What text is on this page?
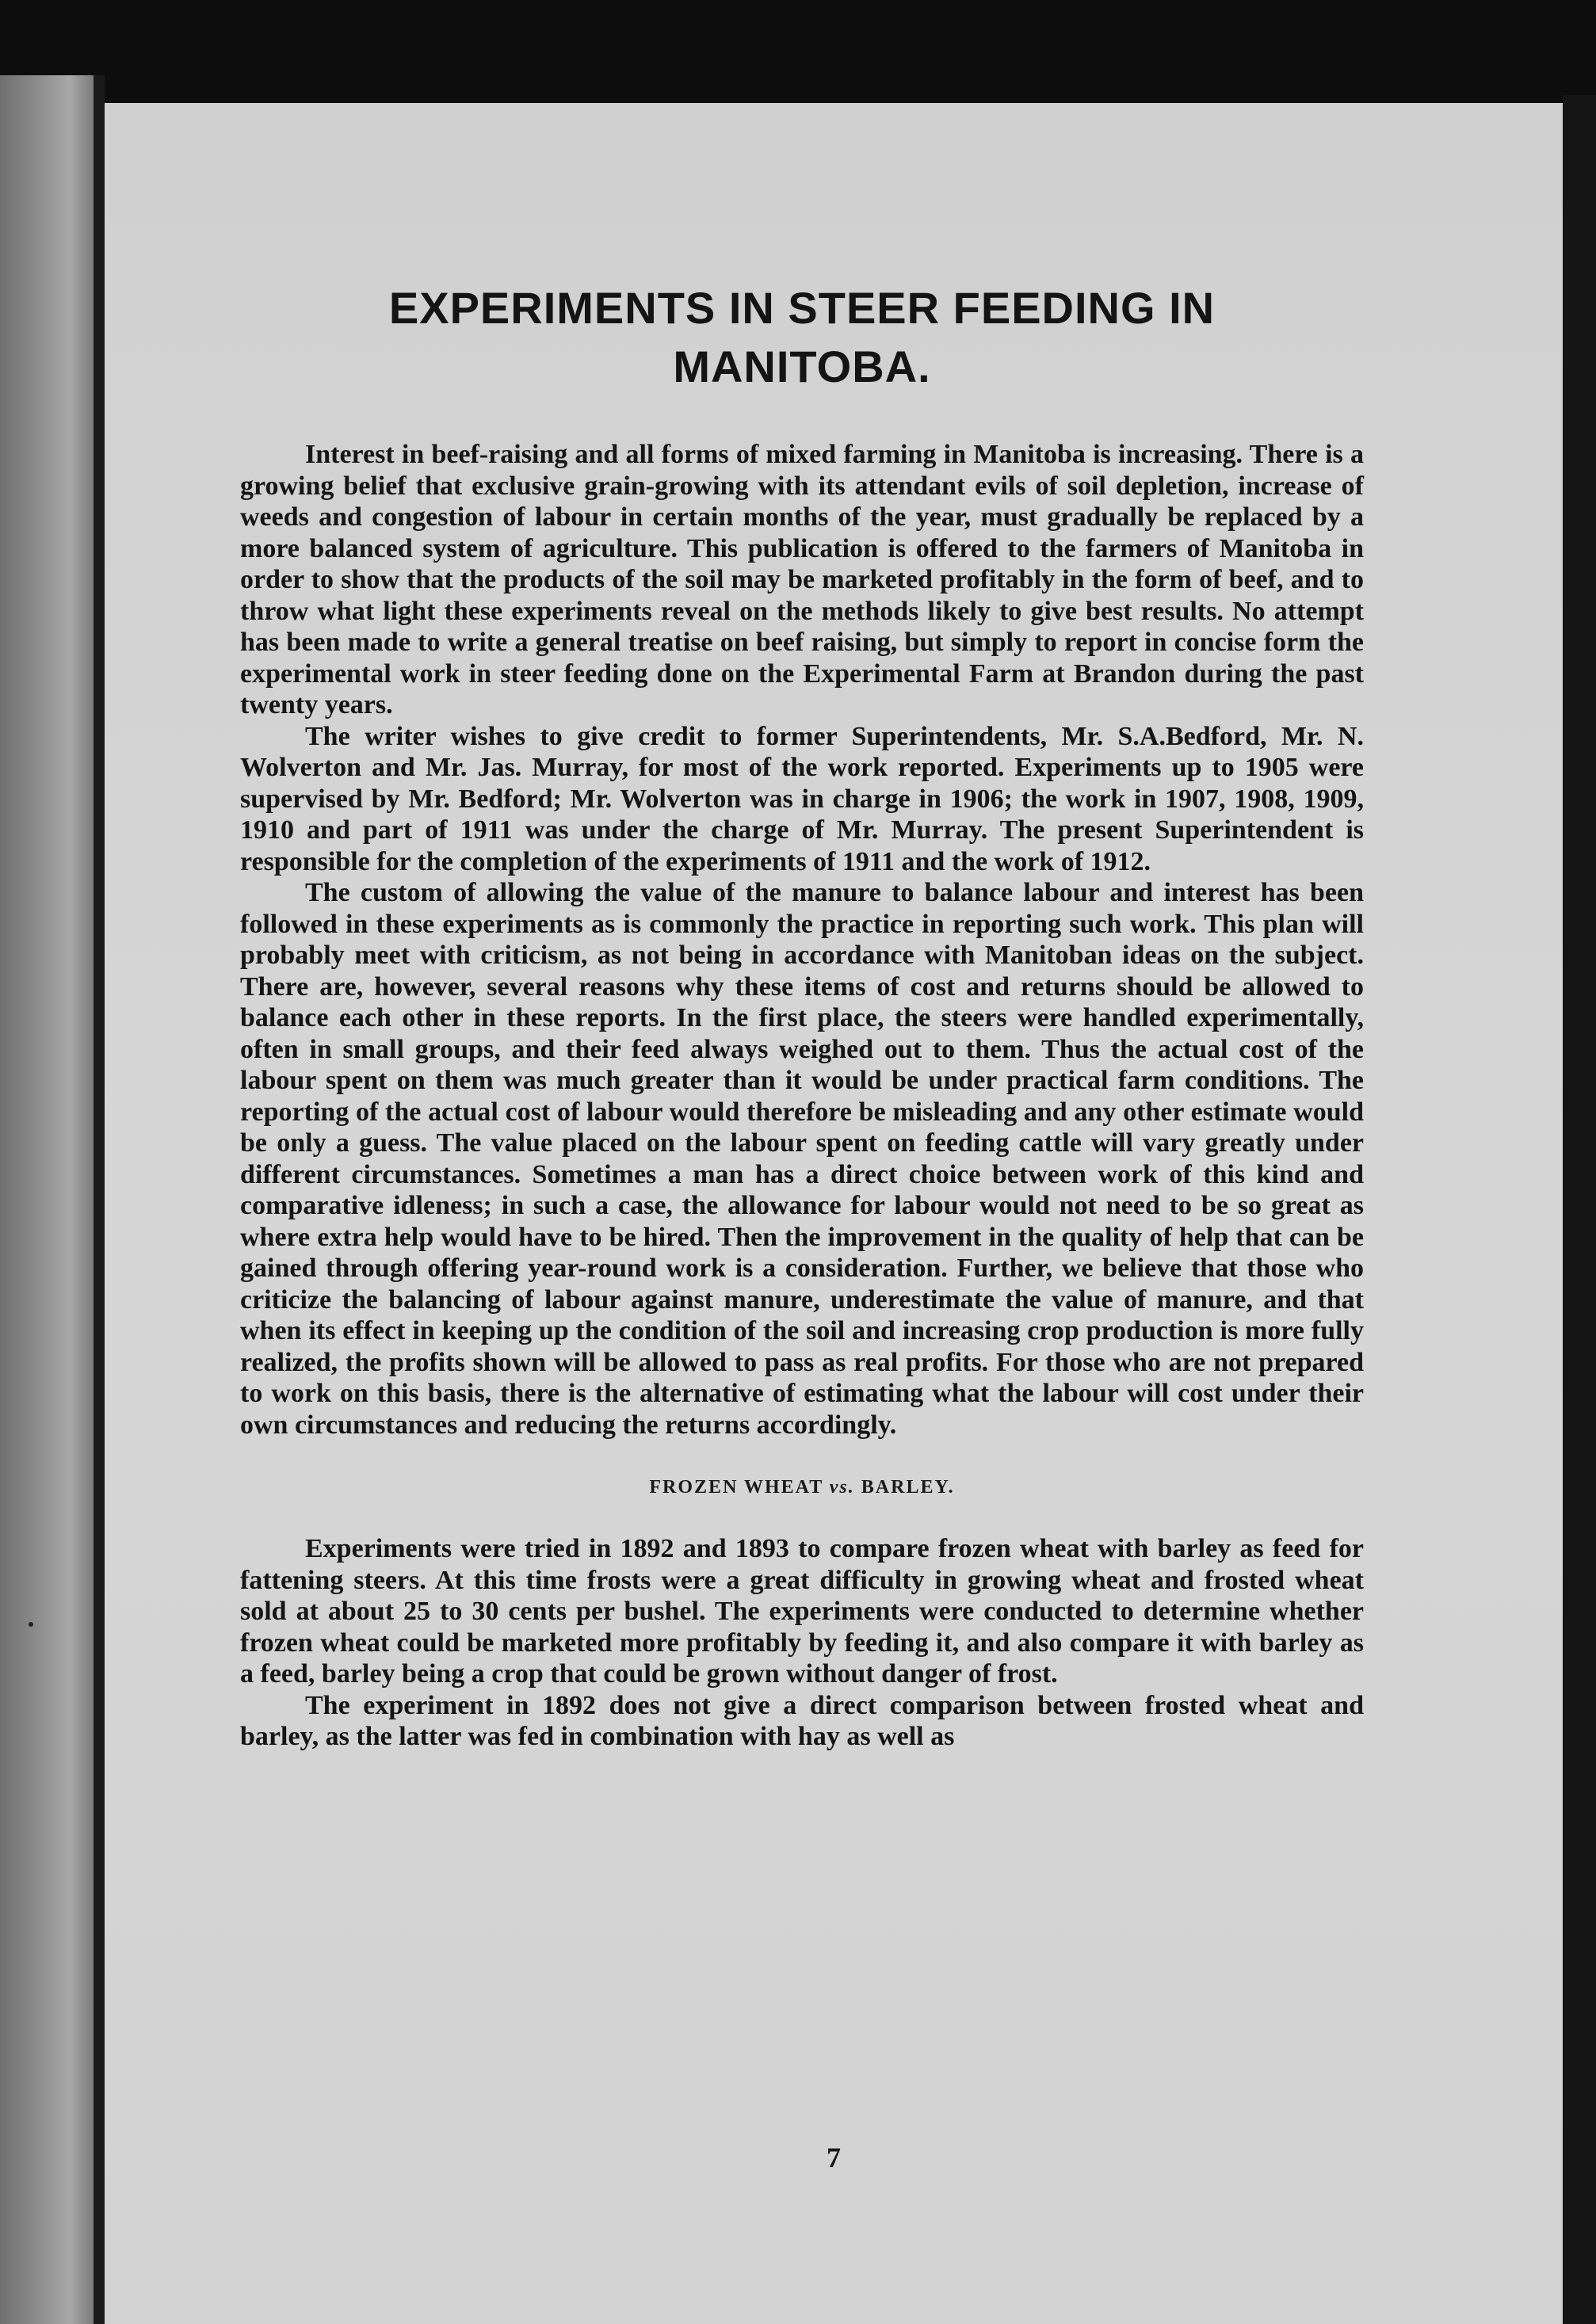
7
EXPERIMENTS IN STEER FEEDING IN MANITOBA.

Interest in beef-raising and all forms of mixed farming in Manitoba is increasing. There is a growing belief that exclusive grain-growing with its attendant evils of soil depletion, increase of weeds and congestion of labour in certain months of the year, must gradually be replaced by a more balanced system of agriculture. This publication is offered to the farmers of Manitoba in order to show that the products of the soil may be marketed profitably in the form of beef, and to throw what light these experiments reveal on the methods likely to give best results. No attempt has been made to write a general treatise on beef raising, but simply to report in concise form the experimental work in steer feeding done on the Experimental Farm at Brandon during the past twenty years.

The writer wishes to give credit to former Superintendents, Mr. S.A.Bedford, Mr. N. Wolverton and Mr. Jas. Murray, for most of the work reported. Experiments up to 1905 were supervised by Mr. Bedford; Mr. Wolverton was in charge in 1906; the work in 1907, 1908, 1909, 1910 and part of 1911 was under the charge of Mr. Murray. The present Superintendent is responsible for the completion of the experiments of 1911 and the work of 1912.

The custom of allowing the value of the manure to balance labour and interest has been followed in these experiments as is commonly the practice in reporting such work. This plan will probably meet with criticism, as not being in accordance with Manitoban ideas on the subject. There are, however, several reasons why these items of cost and returns should be allowed to balance each other in these reports. In the first place, the steers were handled experimentally, often in small groups, and their feed always weighed out to them. Thus the actual cost of the labour spent on them was much greater than it would be under practical farm conditions. The reporting of the actual cost of labour would therefore be misleading and any other estimate would be only a guess. The value placed on the labour spent on feeding cattle will vary greatly under different circumstances. Sometimes a man has a direct choice between work of this kind and comparative idleness; in such a case, the allowance for labour would not need to be so great as where extra help would have to be hired. Then the improvement in the quality of help that can be gained through offering year-round work is a consideration. Further, we believe that those who criticize the balancing of labour against manure, underestimate the value of manure, and that when its effect in keeping up the condition of the soil and increasing crop production is more fully realized, the profits shown will be allowed to pass as real profits. For those who are not prepared to work on this basis, there is the alternative of estimating what the labour will cost under their own circumstances and reducing the returns accordingly.

FROZEN WHEAT vs. BARLEY.

Experiments were tried in 1892 and 1893 to compare frozen wheat with barley as feed for fattening steers. At this time frosts were a great difficulty in growing wheat and frosted wheat sold at about 25 to 30 cents per bushel. The experiments were conducted to determine whether frozen wheat could be marketed more profitably by feeding it, and also compare it with barley as a feed, barley being a crop that could be grown without danger of frost.

The experiment in 1892 does not give a direct comparison between frosted wheat and barley, as the latter was fed in combination with hay as well as
